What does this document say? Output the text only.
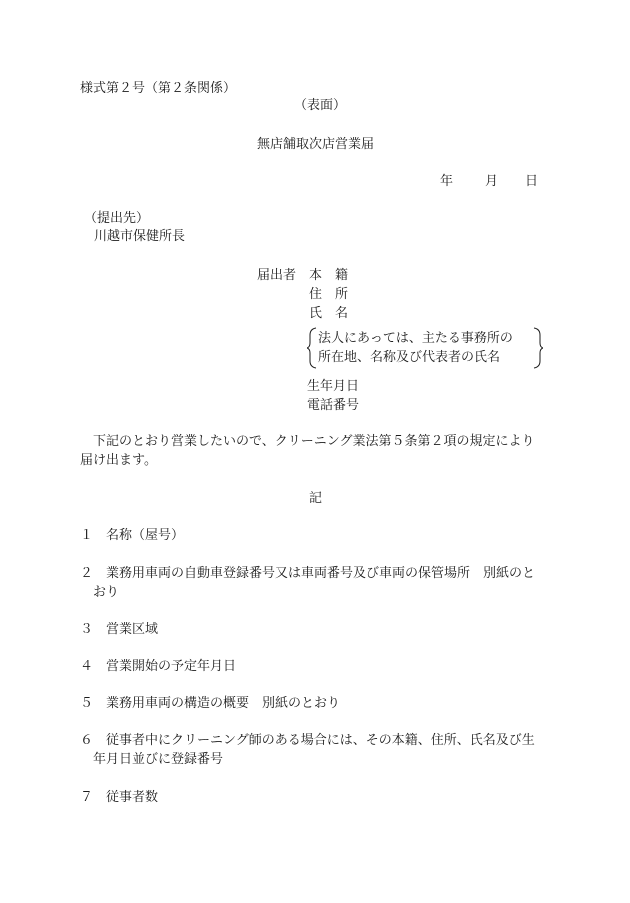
様式第２号（第２条関係）
（表面）
無店舗取次店営業届
年 月 日
（提出先）
川越市保健所長
届出者 本　籍
住　所
氏　名
法人にあっては、主たる事務所の
所在地、名称及び代表者の氏名
生年月日
電話番号
　下記のとおり営業したいので、クリーニング業法第５条第２項の規定により
届け出ます。
記
１　名称（屋号）
２　業務用車両の自動車登録番号又は車両番号及び車両の保管場所　別紙のと
おり
３　営業区域
４　営業開始の予定年月日
５　業務用車両の構造の概要　別紙のとおり
６　従事者中にクリーニング師のある場合には、その本籍、住所、氏名及び生
年月日並びに登録番号
７　従事者数
